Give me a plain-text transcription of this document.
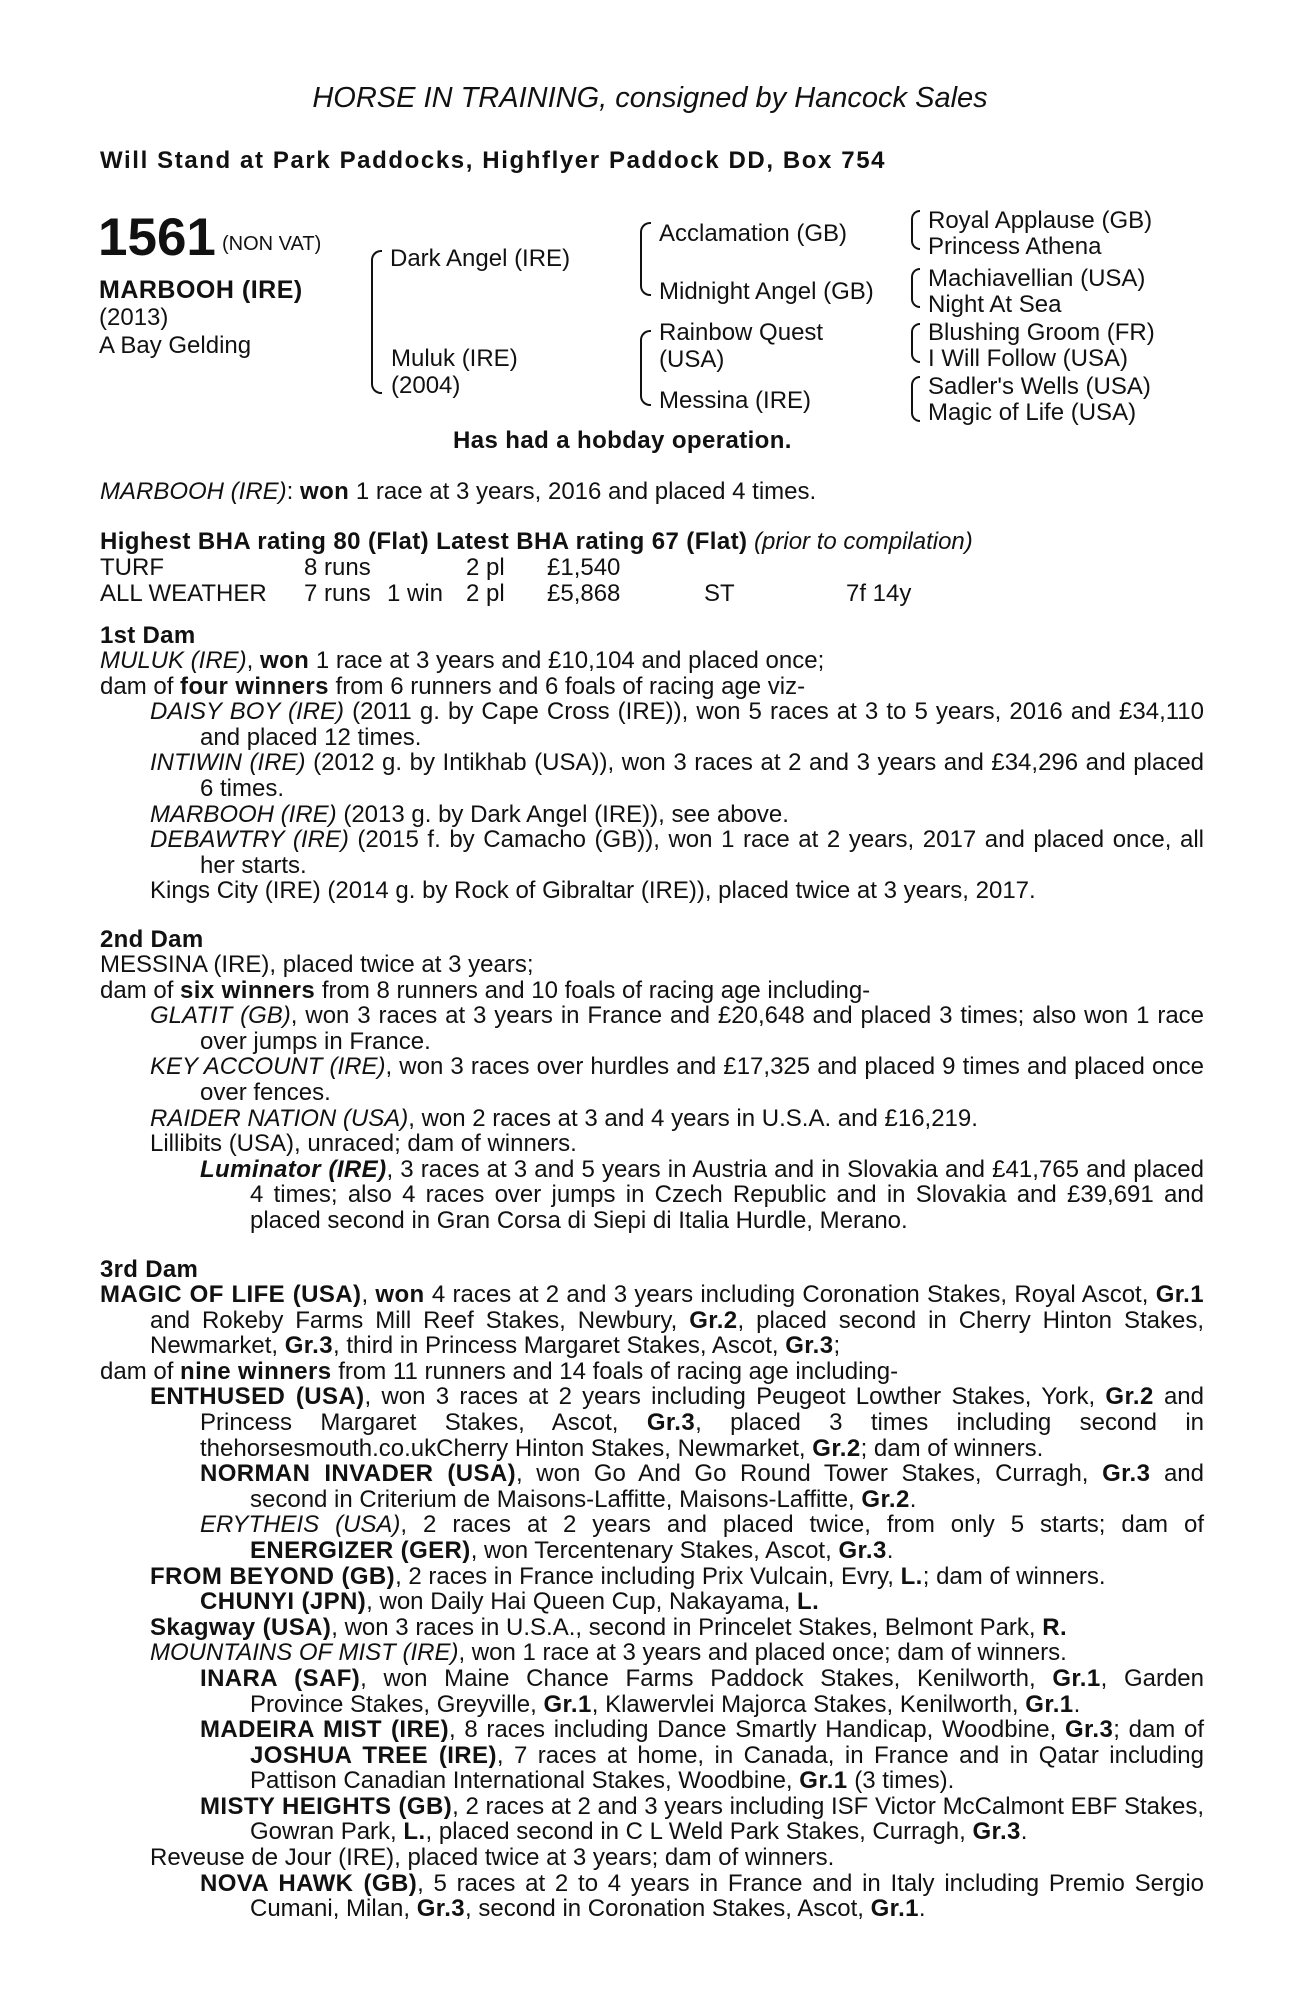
HORSE IN TRAINING, consigned by Hancock Sales
Will Stand at Park Paddocks, Highflyer Paddock DD, Box 754
1561 (NON VAT)
MARBOOH (IRE)
(2013)
A Bay Gelding
Dark Angel (IRE)
Muluk (IRE)
(2004)
Acclamation (GB)
Midnight Angel (GB)
Rainbow Quest
(USA)
Messina (IRE)
Royal Applause (GB)
Princess Athena
Machiavellian (USA)
Night At Sea
Blushing Groom (FR)
I Will Follow (USA)
Sadler's Wells (USA)
Magic of Life (USA)
Has had a hobday operation.
MARBOOH (IRE): won 1 race at 3 years, 2016 and placed 4 times.
Highest BHA rating 80 (Flat) Latest BHA rating 67 (Flat) (prior to compilation)
TURF	8 runs	2 pl £1,540
ALL WEATHER 7 runs 1 win 2 pl £5,868	ST	7f 14y
1st Dam

MULUK (IRE), won 1 race at 3 years and £10,104 and placed once;

dam of four winners from 6 runners and 6 foals of racing age viz-

DAISY BOY (IRE) (2011 g. by Cape Cross (IRE)), won 5 races at 3 to 5 years, 2016 and £34,110 and placed 12 times.

INTIWIN (IRE) (2012 g. by Intikhab (USA)), won 3 races at 2 and 3 years and £34,296 and placed 6 times.

MARBOOH (IRE) (2013 g. by Dark Angel (IRE)), see above.

DEBAWTRY (IRE) (2015 f. by Camacho (GB)), won 1 race at 2 years, 2017 and placed once, all her starts.

Kings City (IRE) (2014 g. by Rock of Gibraltar (IRE)), placed twice at 3 years, 2017.

2nd Dam

MESSINA (IRE), placed twice at 3 years;

dam of six winners from 8 runners and 10 foals of racing age including-

GLATIT (GB), won 3 races at 3 years in France and £20,648 and placed 3 times; also won 1 race over jumps in France.

KEY ACCOUNT (IRE), won 3 races over hurdles and £17,325 and placed 9 times and placed once over fences.

RAIDER NATION (USA), won 2 races at 3 and 4 years in U.S.A. and £16,219.

Lillibits (USA), unraced; dam of winners.

Luminator (IRE), 3 races at 3 and 5 years in Austria and in Slovakia and £41,765 and placed 4 times; also 4 races over jumps in Czech Republic and in Slovakia and £39,691 and placed second in Gran Corsa di Siepi di Italia Hurdle, Merano.

3rd Dam

MAGIC OF LIFE (USA), won 4 races at 2 and 3 years including Coronation Stakes, Royal Ascot, Gr.1 and Rokeby Farms Mill Reef Stakes, Newbury, Gr.2, placed second in Cherry Hinton Stakes, Newmarket, Gr.3, third in Princess Margaret Stakes, Ascot, Gr.3;

dam of nine winners from 11 runners and 14 foals of racing age including-

ENTHUSED (USA), won 3 races at 2 years including Peugeot Lowther Stakes, York, Gr.2 and Princess Margaret Stakes, Ascot, Gr.3, placed 3 times including second in thehorsesmouth.co.ukCherry Hinton Stakes, Newmarket, Gr.2; dam of winners.

NORMAN INVADER (USA), won Go And Go Round Tower Stakes, Curragh, Gr.3 and second in Criterium de Maisons-Laffitte, Maisons-Laffitte, Gr.2.

ERYTHEIS (USA), 2 races at 2 years and placed twice, from only 5 starts; dam of ENERGIZER (GER), won Tercentenary Stakes, Ascot, Gr.3.

FROM BEYOND (GB), 2 races in France including Prix Vulcain, Evry, L.; dam of winners.

CHUNYI (JPN), won Daily Hai Queen Cup, Nakayama, L.

Skagway (USA), won 3 races in U.S.A., second in Princelet Stakes, Belmont Park, R.

MOUNTAINS OF MIST (IRE), won 1 race at 3 years and placed once; dam of winners.

INARA (SAF), won Maine Chance Farms Paddock Stakes, Kenilworth, Gr.1, Garden Province Stakes, Greyville, Gr.1, Klawervlei Majorca Stakes, Kenilworth, Gr.1.

MADEIRA MIST (IRE), 8 races including Dance Smartly Handicap, Woodbine, Gr.3; dam of JOSHUA TREE (IRE), 7 races at home, in Canada, in France and in Qatar including Pattison Canadian International Stakes, Woodbine, Gr.1 (3 times).

MISTY HEIGHTS (GB), 2 races at 2 and 3 years including ISF Victor McCalmont EBF Stakes, Gowran Park, L., placed second in C L Weld Park Stakes, Curragh, Gr.3.

Reveuse de Jour (IRE), placed twice at 3 years; dam of winners.

NOVA HAWK (GB), 5 races at 2 to 4 years in France and in Italy including Premio Sergio Cumani, Milan, Gr.3, second in Coronation Stakes, Ascot, Gr.1.
